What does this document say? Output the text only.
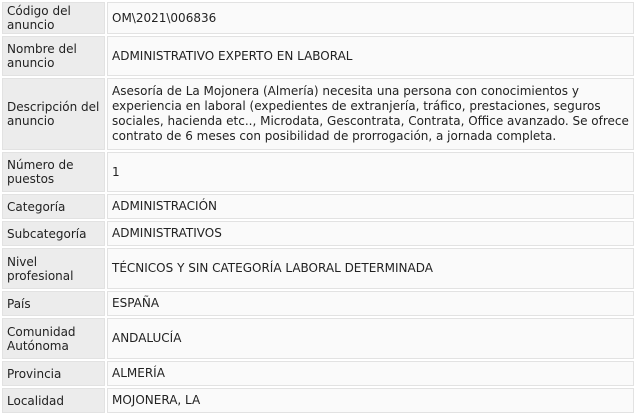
Código del anuncio	OM\2021\006836
Nombre del anuncio	ADMINISTRATIVO EXPERTO EN LABORAL
Descripción del anuncio	Asesoría de La Mojonera (Almería) necesita una persona con conocimientos y experiencia en laboral (expedientes de extranjería, tráfico, prestaciones, seguros sociales, hacienda etc.., Microdata, Gescontrata, Contrata, Office avanzado. Se ofrece contrato de 6 meses con posibilidad de prorrogación, a jornada completa.
Número de puestos	1
Categoría	ADMINISTRACIÓN
Subcategoría	ADMINISTRATIVOS
Nivel profesional	TÉCNICOS Y SIN CATEGORÍA LABORAL DETERMINADA
País	ESPAÑA
Comunidad Autónoma	ANDALUCÍA
Provincia	ALMERÍA
Localidad	MOJONERA, LA
